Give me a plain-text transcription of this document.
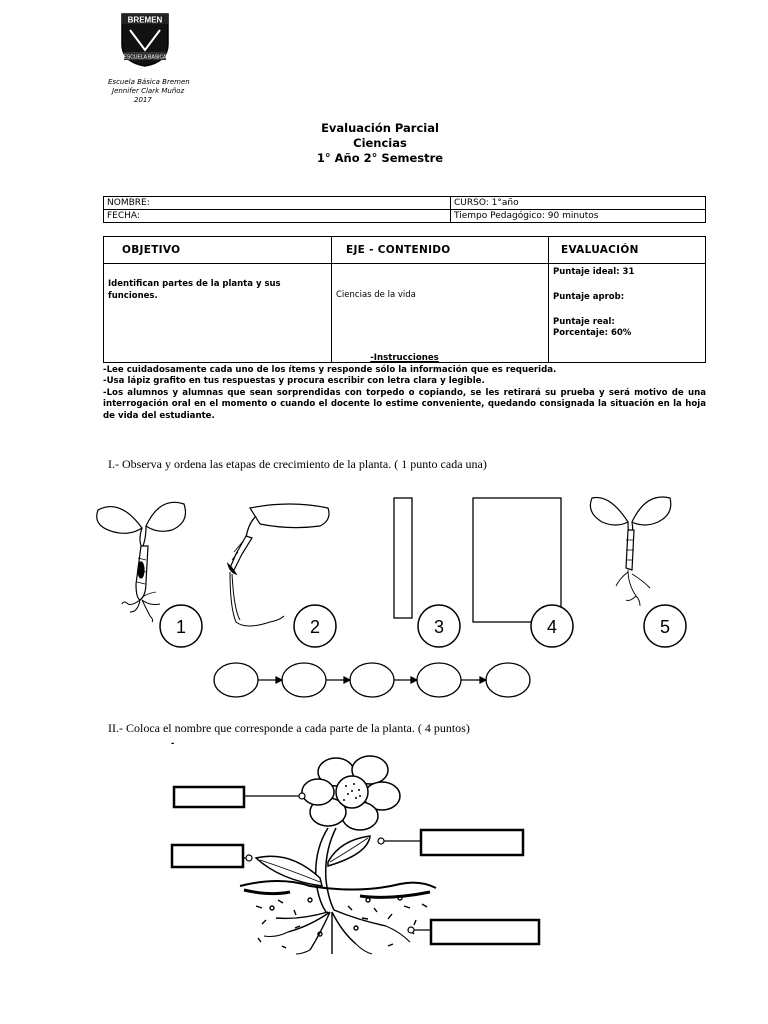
BREMEN
ESCUELA BASICA
Escuela Básica Bremen
Jennifer Clark Muñoz
2017
Evaluación Parcial
Ciencias
1° Año 2° Semestre
NOMBRE:	CURSO: 1°año
FECHA:	Tiempo Pedagógico: 90 minutos
OBJETIVO	EJE - CONTENIDO	EVALUACIÓN
Identifican partes de la planta y sus funciones.	Ciencias de la vida	Puntaje ideal: 31
Puntaje aprob:
Puntaje real:
Porcentaje: 60%
-Instrucciones
-Lee cuidadosamente cada uno de los ítems y responde sólo la información que es requerida.
-Usa lápiz grafito en tus respuestas y procura escribir con letra clara y legible.
-Los alumnos y alumnas que sean sorprendidas con torpedo o copiando, se les retirará su prueba y será motivo de una interrogación oral en el momento o cuando el docente lo estime conveniente, quedando consignada la situación en la hoja de vida del estudiante.
I.- Observa y ordena las etapas de crecimiento de la planta. ( 1 punto cada una)
1	2	3	4	5
II.- Coloca el nombre que corresponde a cada parte de la planta. ( 4 puntos)
-
